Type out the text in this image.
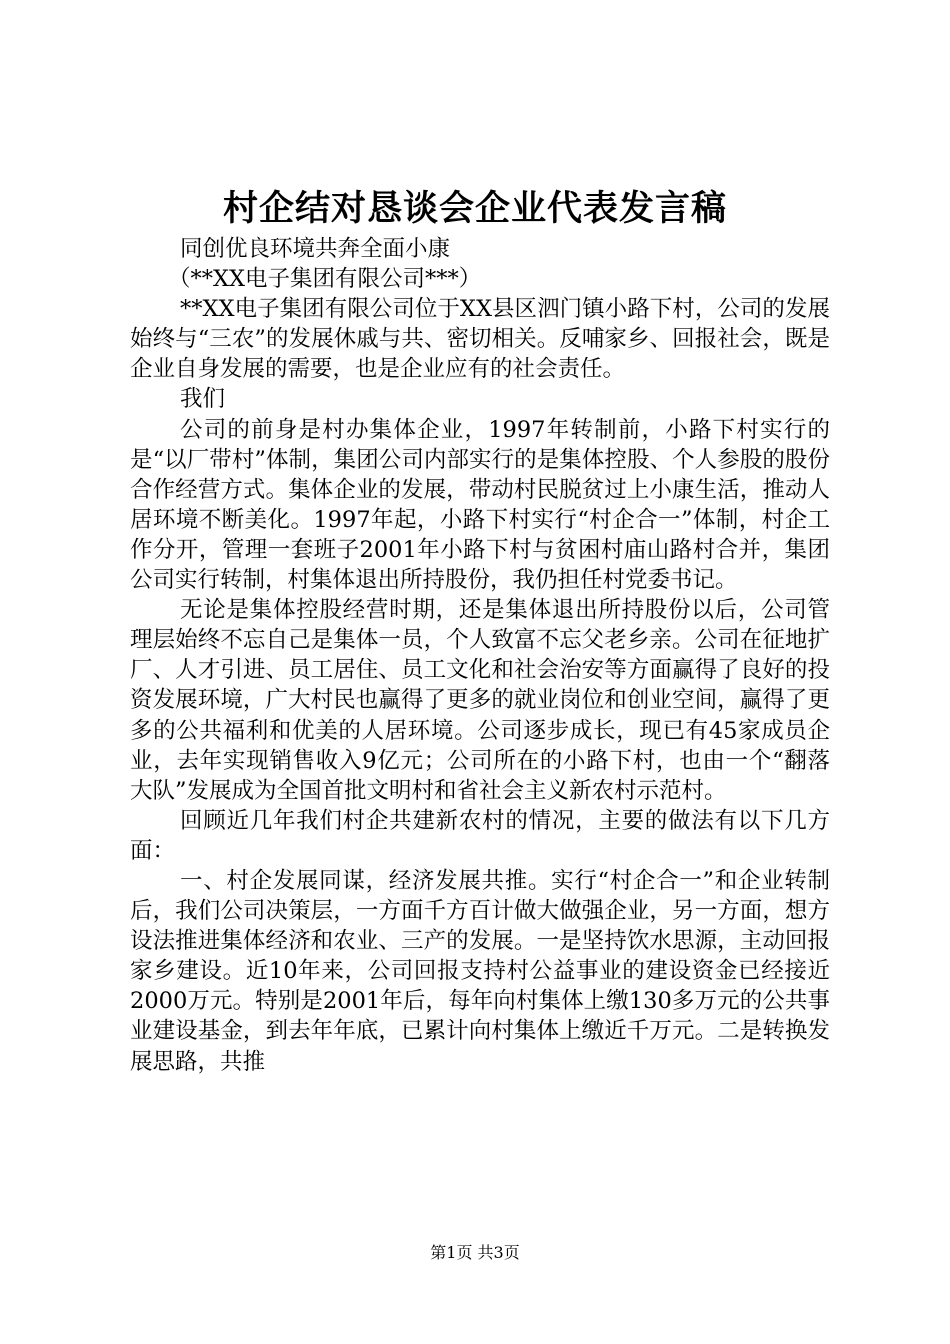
村企结对恳谈会企业代表发言稿

同创优良环境共奔全面小康

（**XX电子集团有限公司***）

**XX电子集团有限公司位于XX县区泗门镇小路下村，公司的发展始终与“三农”的发展休戚与共、密切相关。反哺家乡、回报社会，既是企业自身发展的需要，也是企业应有的社会责任。

我们

公司的前身是村办集体企业，1997年转制前，小路下村实行的是“以厂带村”体制，集团公司内部实行的是集体控股、个人参股的股份合作经营方式。集体企业的发展，带动村民脱贫过上小康生活，推动人居环境不断美化。1997年起，小路下村实行“村企合一”体制，村企工作分开，管理一套班子2001年小路下村与贫困村庙山路村合并，集团公司实行转制，村集体退出所持股份，我仍担任村党委书记。

无论是集体控股经营时期，还是集体退出所持股份以后，公司管理层始终不忘自己是集体一员，个人致富不忘父老乡亲。公司在征地扩厂、人才引进、员工居住、员工文化和社会治安等方面赢得了良好的投资发展环境，广大村民也赢得了更多的就业岗位和创业空间，赢得了更多的公共福利和优美的人居环境。公司逐步成长，现已有45家成员企业，去年实现销售收入9亿元；公司所在的小路下村，也由一个“翻落大队”发展成为全国首批文明村和省社会主义新农村示范村。

回顾近几年我们村企共建新农村的情况，主要的做法有以下几方面：

一、村企发展同谋，经济发展共推。实行“村企合一”和企业转制后，我们公司决策层，一方面千方百计做大做强企业，另一方面，想方设法推进集体经济和农业、三产的发展。一是坚持饮水思源，主动回报家乡建设。近10年来，公司回报支持村公益事业的建设资金已经接近2000万元。特别是2001年后，每年向村集体上缴130多万元的公共事业建设基金，到去年年底，已累计向村集体上缴近千万元。二是转换发展思路，共推

第1页 共3页
